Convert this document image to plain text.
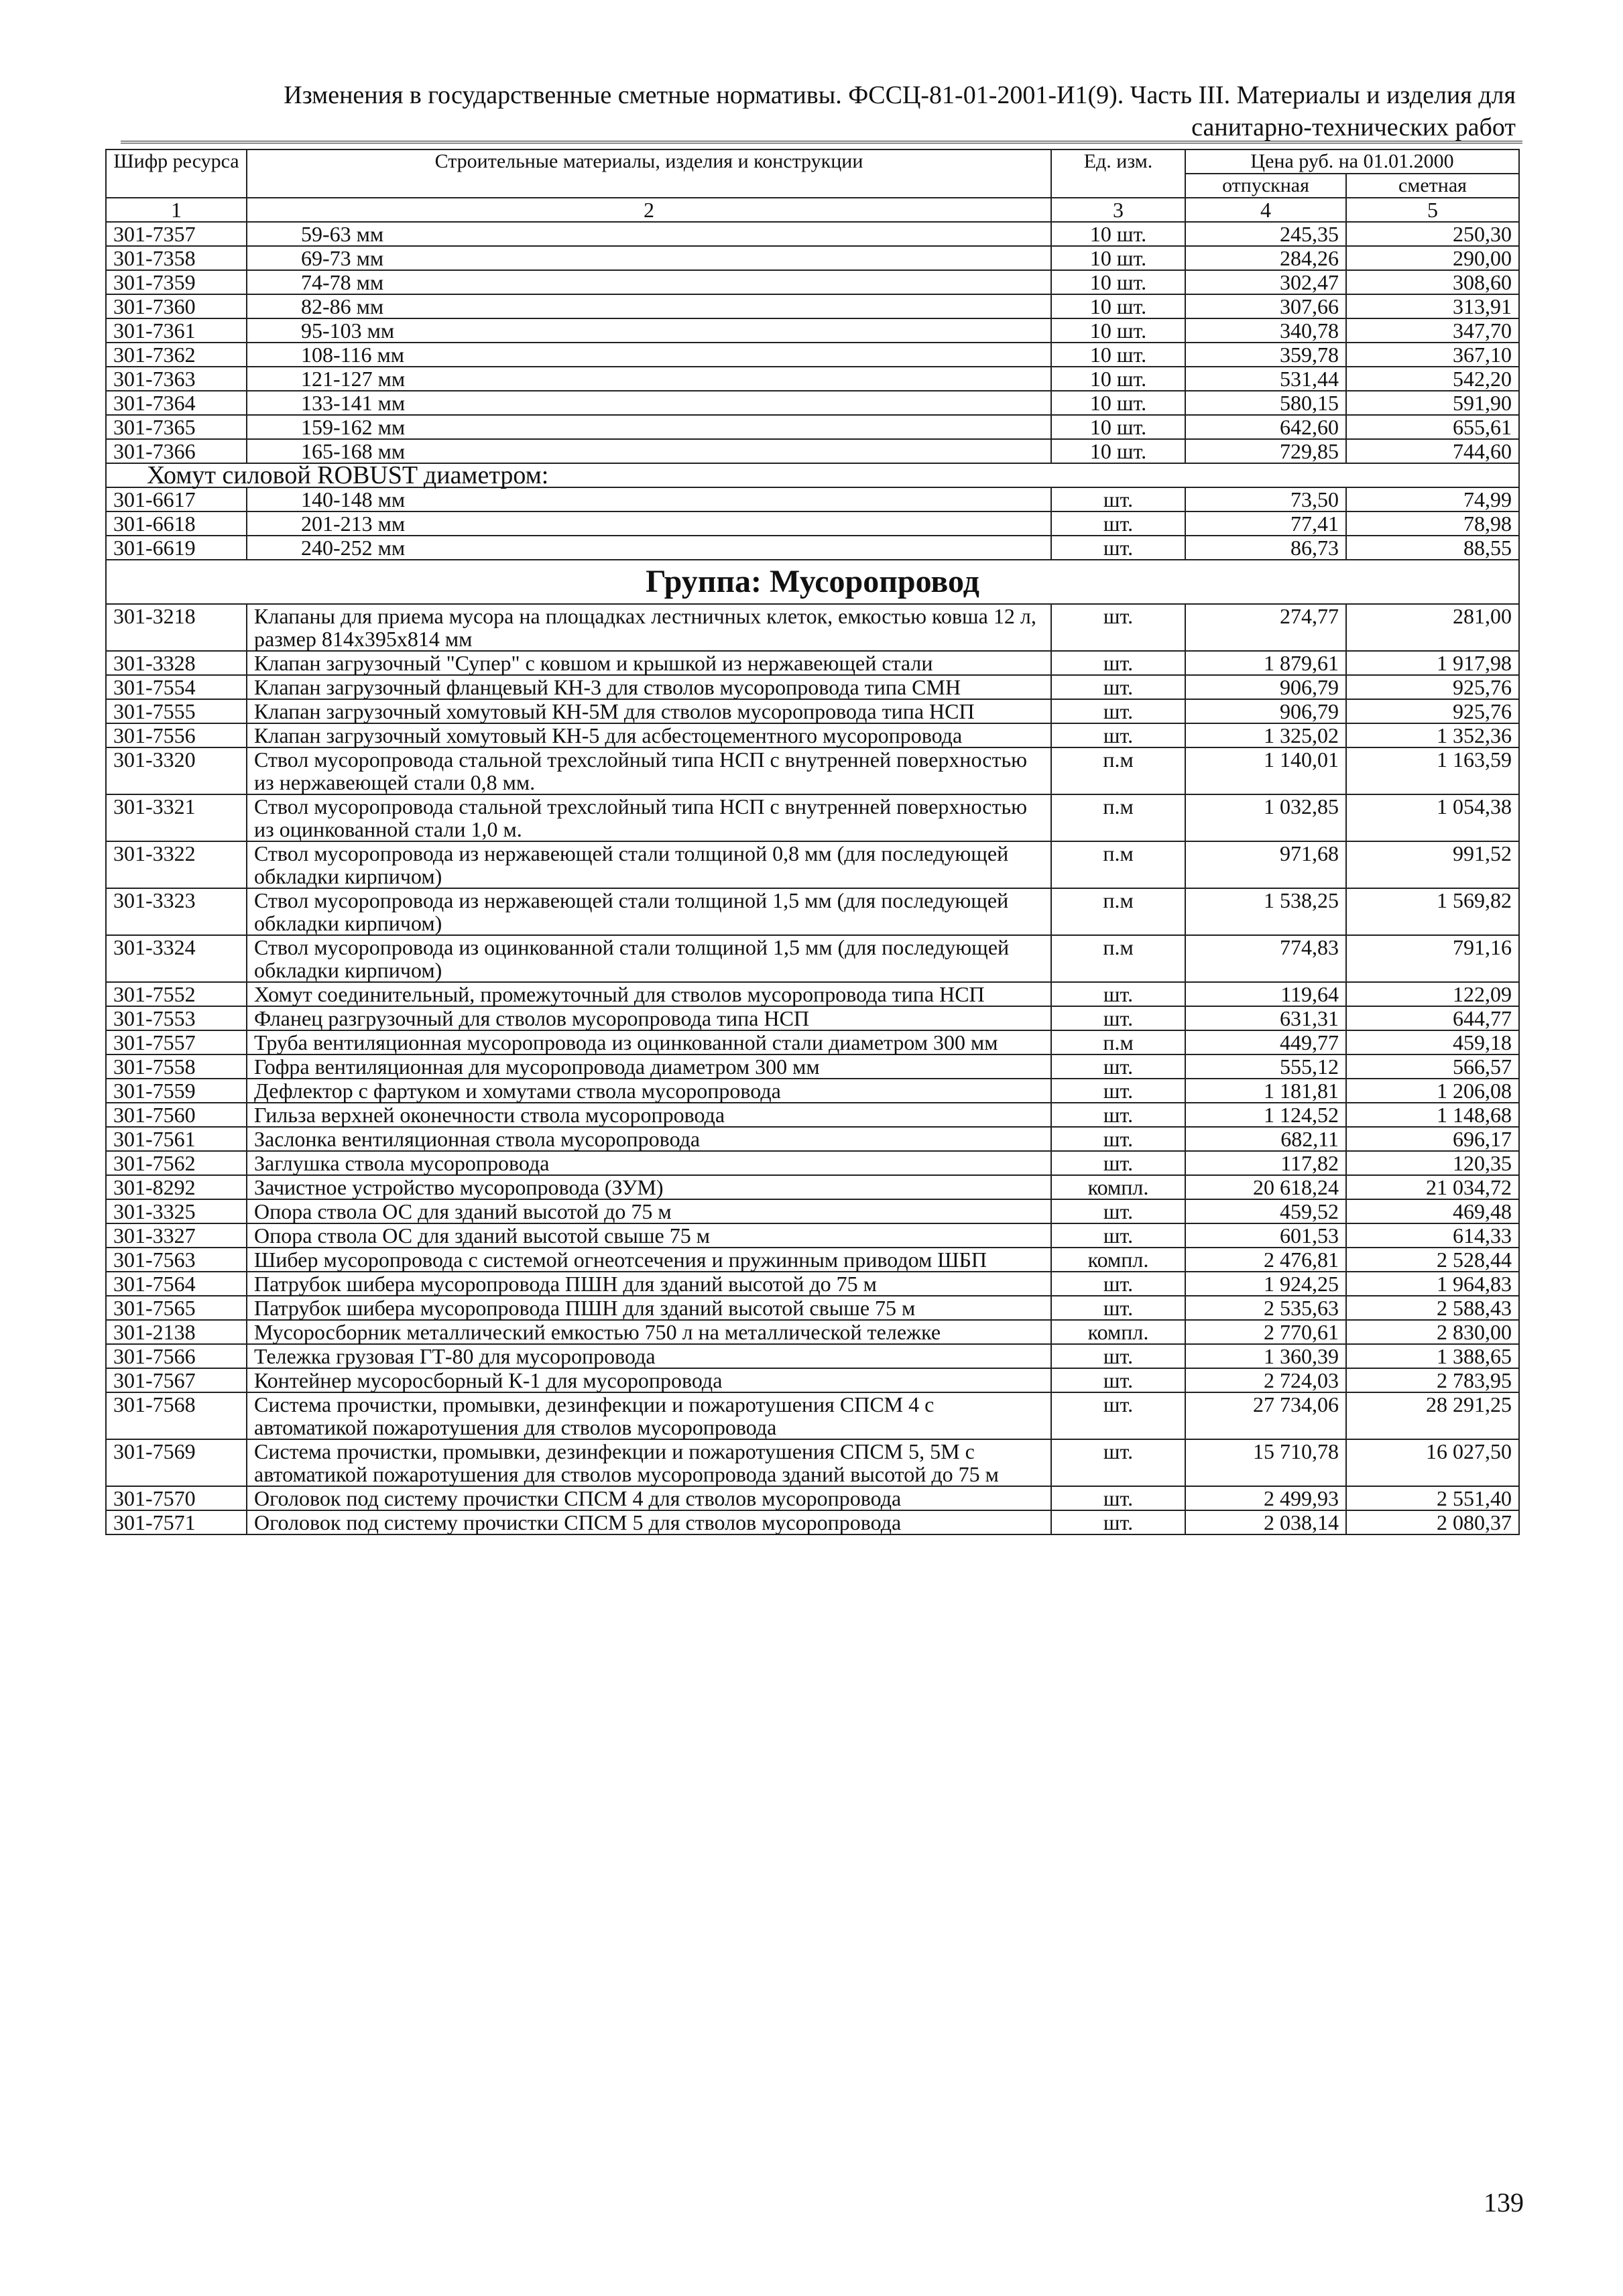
Изменения в государственные сметные нормативы. ФССЦ-81-01-2001-И1(9). Часть III. Материалы и изделия для
санитарно-технических работ
Шифр ресурса	Строительные материалы, изделия и конструкции	Ед. изм.	Цена руб. на 01.01.2000	
			отпускная	сметная
1	2	3	4	5
301-7357	59-63 мм	10 шт.	245,35	250,30
301-7358	69-73 мм	10 шт.	284,26	290,00
301-7359	74-78 мм	10 шт.	302,47	308,60
301-7360	82-86 мм	10 шт.	307,66	313,91
301-7361	95-103 мм	10 шт.	340,78	347,70
301-7362	108-116 мм	10 шт.	359,78	367,10
301-7363	121-127 мм	10 шт.	531,44	542,20
301-7364	133-141 мм	10 шт.	580,15	591,90
301-7365	159-162 мм	10 шт.	642,60	655,61
301-7366	165-168 мм	10 шт.	729,85	744,60
Хомут силовой ROBUST диаметром:				
301-6617	140-148 мм	шт.	73,50	74,99
301-6618	201-213 мм	шт.	77,41	78,98
301-6619	240-252 мм	шт.	86,73	88,55
Группа: Мусоропровод				
301-3218	Клапаны для приема мусора на площадках лестничных клеток, емкостью ковша 12 л, размер 814х395х814 мм	шт.	274,77	281,00
301-3328	Клапан загрузочный "Супер" с ковшом и крышкой из нержавеющей стали	шт.	1 879,61	1 917,98
301-7554	Клапан загрузочный фланцевый КН-3 для стволов мусоропровода типа СМН	шт.	906,79	925,76
301-7555	Клапан загрузочный хомутовый КН-5М для стволов мусоропровода типа НСП	шт.	906,79	925,76
301-7556	Клапан загрузочный хомутовый КН-5 для асбестоцементного мусоропровода	шт.	1 325,02	1 352,36
301-3320	Ствол мусоропровода стальной трехслойный типа НСП с внутренней поверхностью из нержавеющей стали 0,8 мм.	п.м	1 140,01	1 163,59
301-3321	Ствол мусоропровода стальной трехслойный типа НСП с внутренней поверхностью из оцинкованной стали 1,0 м.	п.м	1 032,85	1 054,38
301-3322	Ствол мусоропровода из нержавеющей стали толщиной 0,8 мм (для последующей обкладки кирпичом)	п.м	971,68	991,52
301-3323	Ствол мусоропровода из нержавеющей стали толщиной 1,5 мм (для последующей обкладки кирпичом)	п.м	1 538,25	1 569,82
301-3324	Ствол мусоропровода из оцинкованной стали толщиной 1,5 мм (для последующей обкладки кирпичом)	п.м	774,83	791,16
301-7552	Хомут соединительный, промежуточный для стволов мусоропровода типа НСП	шт.	119,64	122,09
301-7553	Фланец разгрузочный для стволов мусоропровода типа НСП	шт.	631,31	644,77
301-7557	Труба вентиляционная мусоропровода из оцинкованной стали диаметром 300 мм	п.м	449,77	459,18
301-7558	Гофра вентиляционная для мусоропровода диаметром 300 мм	шт.	555,12	566,57
301-7559	Дефлектор с фартуком и хомутами ствола мусоропровода	шт.	1 181,81	1 206,08
301-7560	Гильза верхней оконечности ствола мусоропровода	шт.	1 124,52	1 148,68
301-7561	Заслонка вентиляционная ствола мусоропровода	шт.	682,11	696,17
301-7562	Заглушка ствола мусоропровода	шт.	117,82	120,35
301-8292	Зачистное устройство мусоропровода (ЗУМ)	компл.	20 618,24	21 034,72
301-3325	Опора ствола ОС для зданий высотой до 75 м	шт.	459,52	469,48
301-3327	Опора ствола ОС для зданий высотой свыше 75 м	шт.	601,53	614,33
301-7563	Шибер мусоропровода с системой огнеотсечения и пружинным приводом ШБП	компл.	2 476,81	2 528,44
301-7564	Патрубок шибера мусоропровода ПШН для зданий высотой до 75 м	шт.	1 924,25	1 964,83
301-7565	Патрубок шибера мусоропровода ПШН для зданий высотой свыше 75 м	шт.	2 535,63	2 588,43
301-2138	Мусоросборник металлический емкостью 750 л на металлической тележке	компл.	2 770,61	2 830,00
301-7566	Тележка грузовая ГТ-80 для мусоропровода	шт.	1 360,39	1 388,65
301-7567	Контейнер мусоросборный К-1 для мусоропровода	шт.	2 724,03	2 783,95
301-7568	Система прочистки, промывки, дезинфекции и пожаротушения СПСМ 4 с автоматикой пожаротушения для стволов мусоропровода	шт.	27 734,06	28 291,25
301-7569	Система прочистки, промывки, дезинфекции и пожаротушения СПСМ 5, 5М с автоматикой пожаротушения для стволов мусоропровода зданий высотой до 75 м	шт.	15 710,78	16 027,50
301-7570	Оголовок под систему прочистки СПСМ 4 для стволов мусоропровода	шт.	2 499,93	2 551,40
301-7571	Оголовок под систему прочистки СПСМ 5 для стволов мусоропровода	шт.	2 038,14	2 080,37
139
